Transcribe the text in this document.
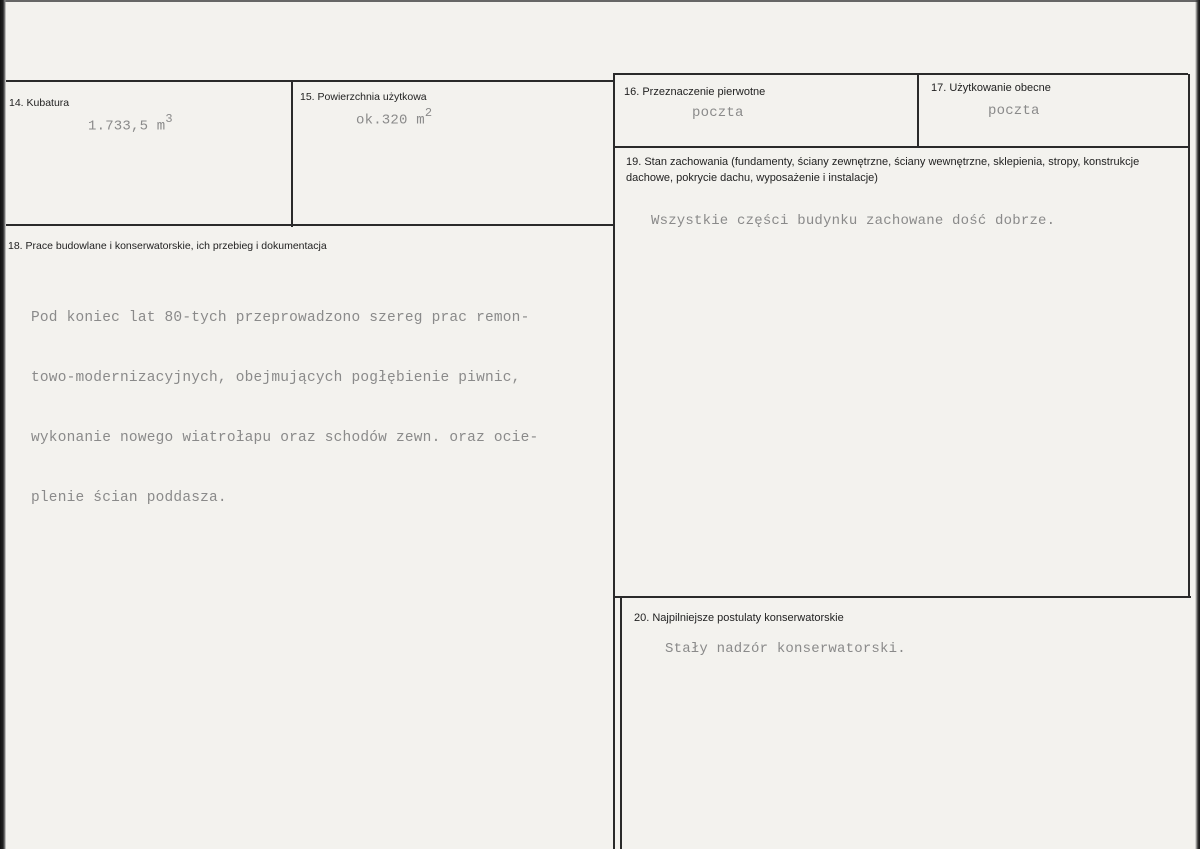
14. Kubatura
1.733,5 $m^3$
15. Powierzchnia użytkowa
ok.320 $m^2$
16. Przeznaczenie pierwotne
poczta
17. Użytkowanie obecne
poczta
19. Stan zachowania (fundamenty, ściany zewnętrzne, ściany wewnętrzne, sklepienia, stropy, konstrukcje dachowe, pokrycie dachu, wyposażenie i instalacje)
Wszystkie części budynku zachowane dość dobrze.
18. Prace budowlane i konserwatorskie, ich przebieg i dokumentacja

Pod koniec lat 80-tych przeprowadzono szereg prac remon-

towo-modernizacyjnych, obejmujących pogłębienie piwnic,

wykonanie nowego wiatrołapu oraz schodów zewn. oraz ocie-

plenie ścian poddasza.

20. Najpilniejsze postulaty konserwatorskie
Stały nadzór konserwatorski.
